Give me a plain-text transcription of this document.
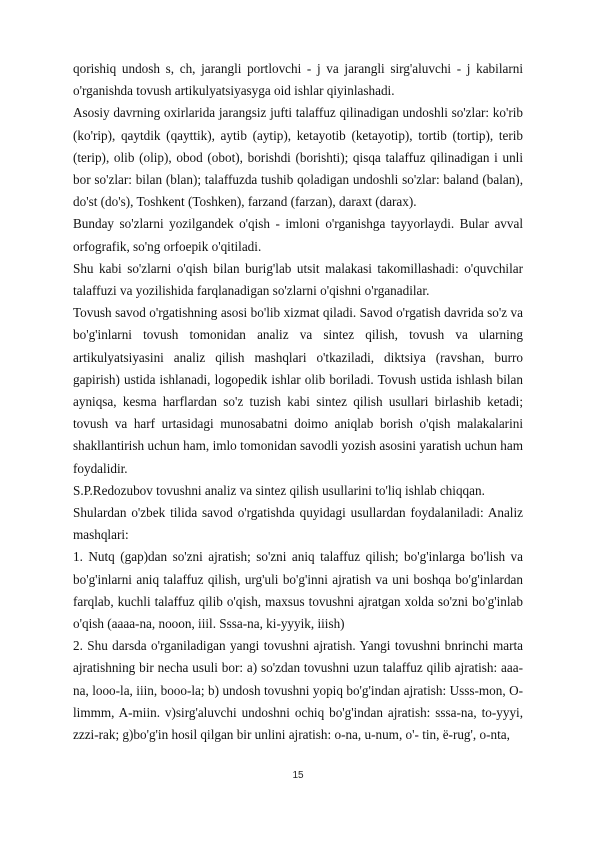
qorishiq undosh s, ch, jarangli portlovchi - j va jarangli sirg'aluvchi - j kabilarni o'rganishda tovush artikulyatsiyasyga oid ishlar qiyinlashadi.

Asosiy davrning oxirlarida jarangsiz jufti talaffuz qilinadigan undoshli so'zlar: ko'rib (ko'rip), qaytdik (qayttik), aytib (aytip), ketayotib (ketayotip), tortib (tortip), terib (terip), olib (olip), obod (obot), borishdi (borishti); qisqa talaffuz qilinadigan i unli bor so'zlar: bilan (blan); talaffuzda tushib qoladigan undoshli so'zlar: baland (balan), do'st (do's), Toshkent (Toshken), farzand (farzan), daraxt (darax).

Bunday so'zlarni yozilgandek o'qish - imloni o'rganishga tayyorlaydi. Bular avval orfografik, so'ng orfoepik o'qitiladi.

Shu kabi so'zlarni o'qish bilan burig'lab utsit malakasi takomillashadi: o'quvchilar talaffuzi va yozilishida farqlanadigan so'zlarni o'qishni o'rganadilar.

Tovush savod o'rgatishning asosi bo'lib xizmat qiladi. Savod o'rgatish davrida so'z va bo'g'inlarni tovush tomonidan analiz va sintez qilish, tovush va ularning artikulyatsiyasini analiz qilish mashqlari o'tkaziladi, diktsiya (ravshan, burro gapirish) ustida ishlanadi, logopedik ishlar olib boriladi. Tovush ustida ishlash bilan ayniqsa, kesma harflardan so'z tuzish kabi sintez qilish usullari birlashib ketadi; tovush va harf urtasidagi munosabatni doimo aniqlab borish o'qish malakalarini shakllantirish uchun ham, imlo tomonidan savodli yozish asosini yaratish uchun ham foydalidir.

S.P.Redozubov tovushni analiz va sintez qilish usullarini to'liq ishlab chiqqan.

Shulardan o'zbek tilida savod o'rgatishda quyidagi usullardan foydalaniladi: Analiz mashqlari:

1. Nutq (gap)dan so'zni ajratish; so'zni aniq talaffuz qilish; bo'g'inlarga bo'lish va bo'g'inlarni aniq talaffuz qilish, urg'uli bo'g'inni ajratish va uni boshqa bo'g'inlardan farqlab, kuchli talaffuz qilib o'qish, maxsus tovushni ajratgan xolda so'zni bo'g'inlab o'qish (aaaa-na, nooon, iiil. Sssa-na, ki-yyyik, iiish)

2. Shu darsda o'rganiladigan yangi tovushni ajratish. Yangi tovushni bnrinchi marta ajratishning bir necha usuli bor: a) so'zdan tovushni uzun talaffuz qilib ajratish: aaa-na, looo-la, iiin, booo-la; b) undosh tovushni yopiq bo'g'indan ajratish: Usss-mon, O-limmm, A-miin. v)sirg'aluvchi undoshni ochiq bo'g'indan ajratish: sssa-na, to-yyyi, zzzi-rak; g)bo'g'in hosil qilgan bir unlini ajratish: o-na, u-num, o'- tin, ë-rug', o-nta,

15
